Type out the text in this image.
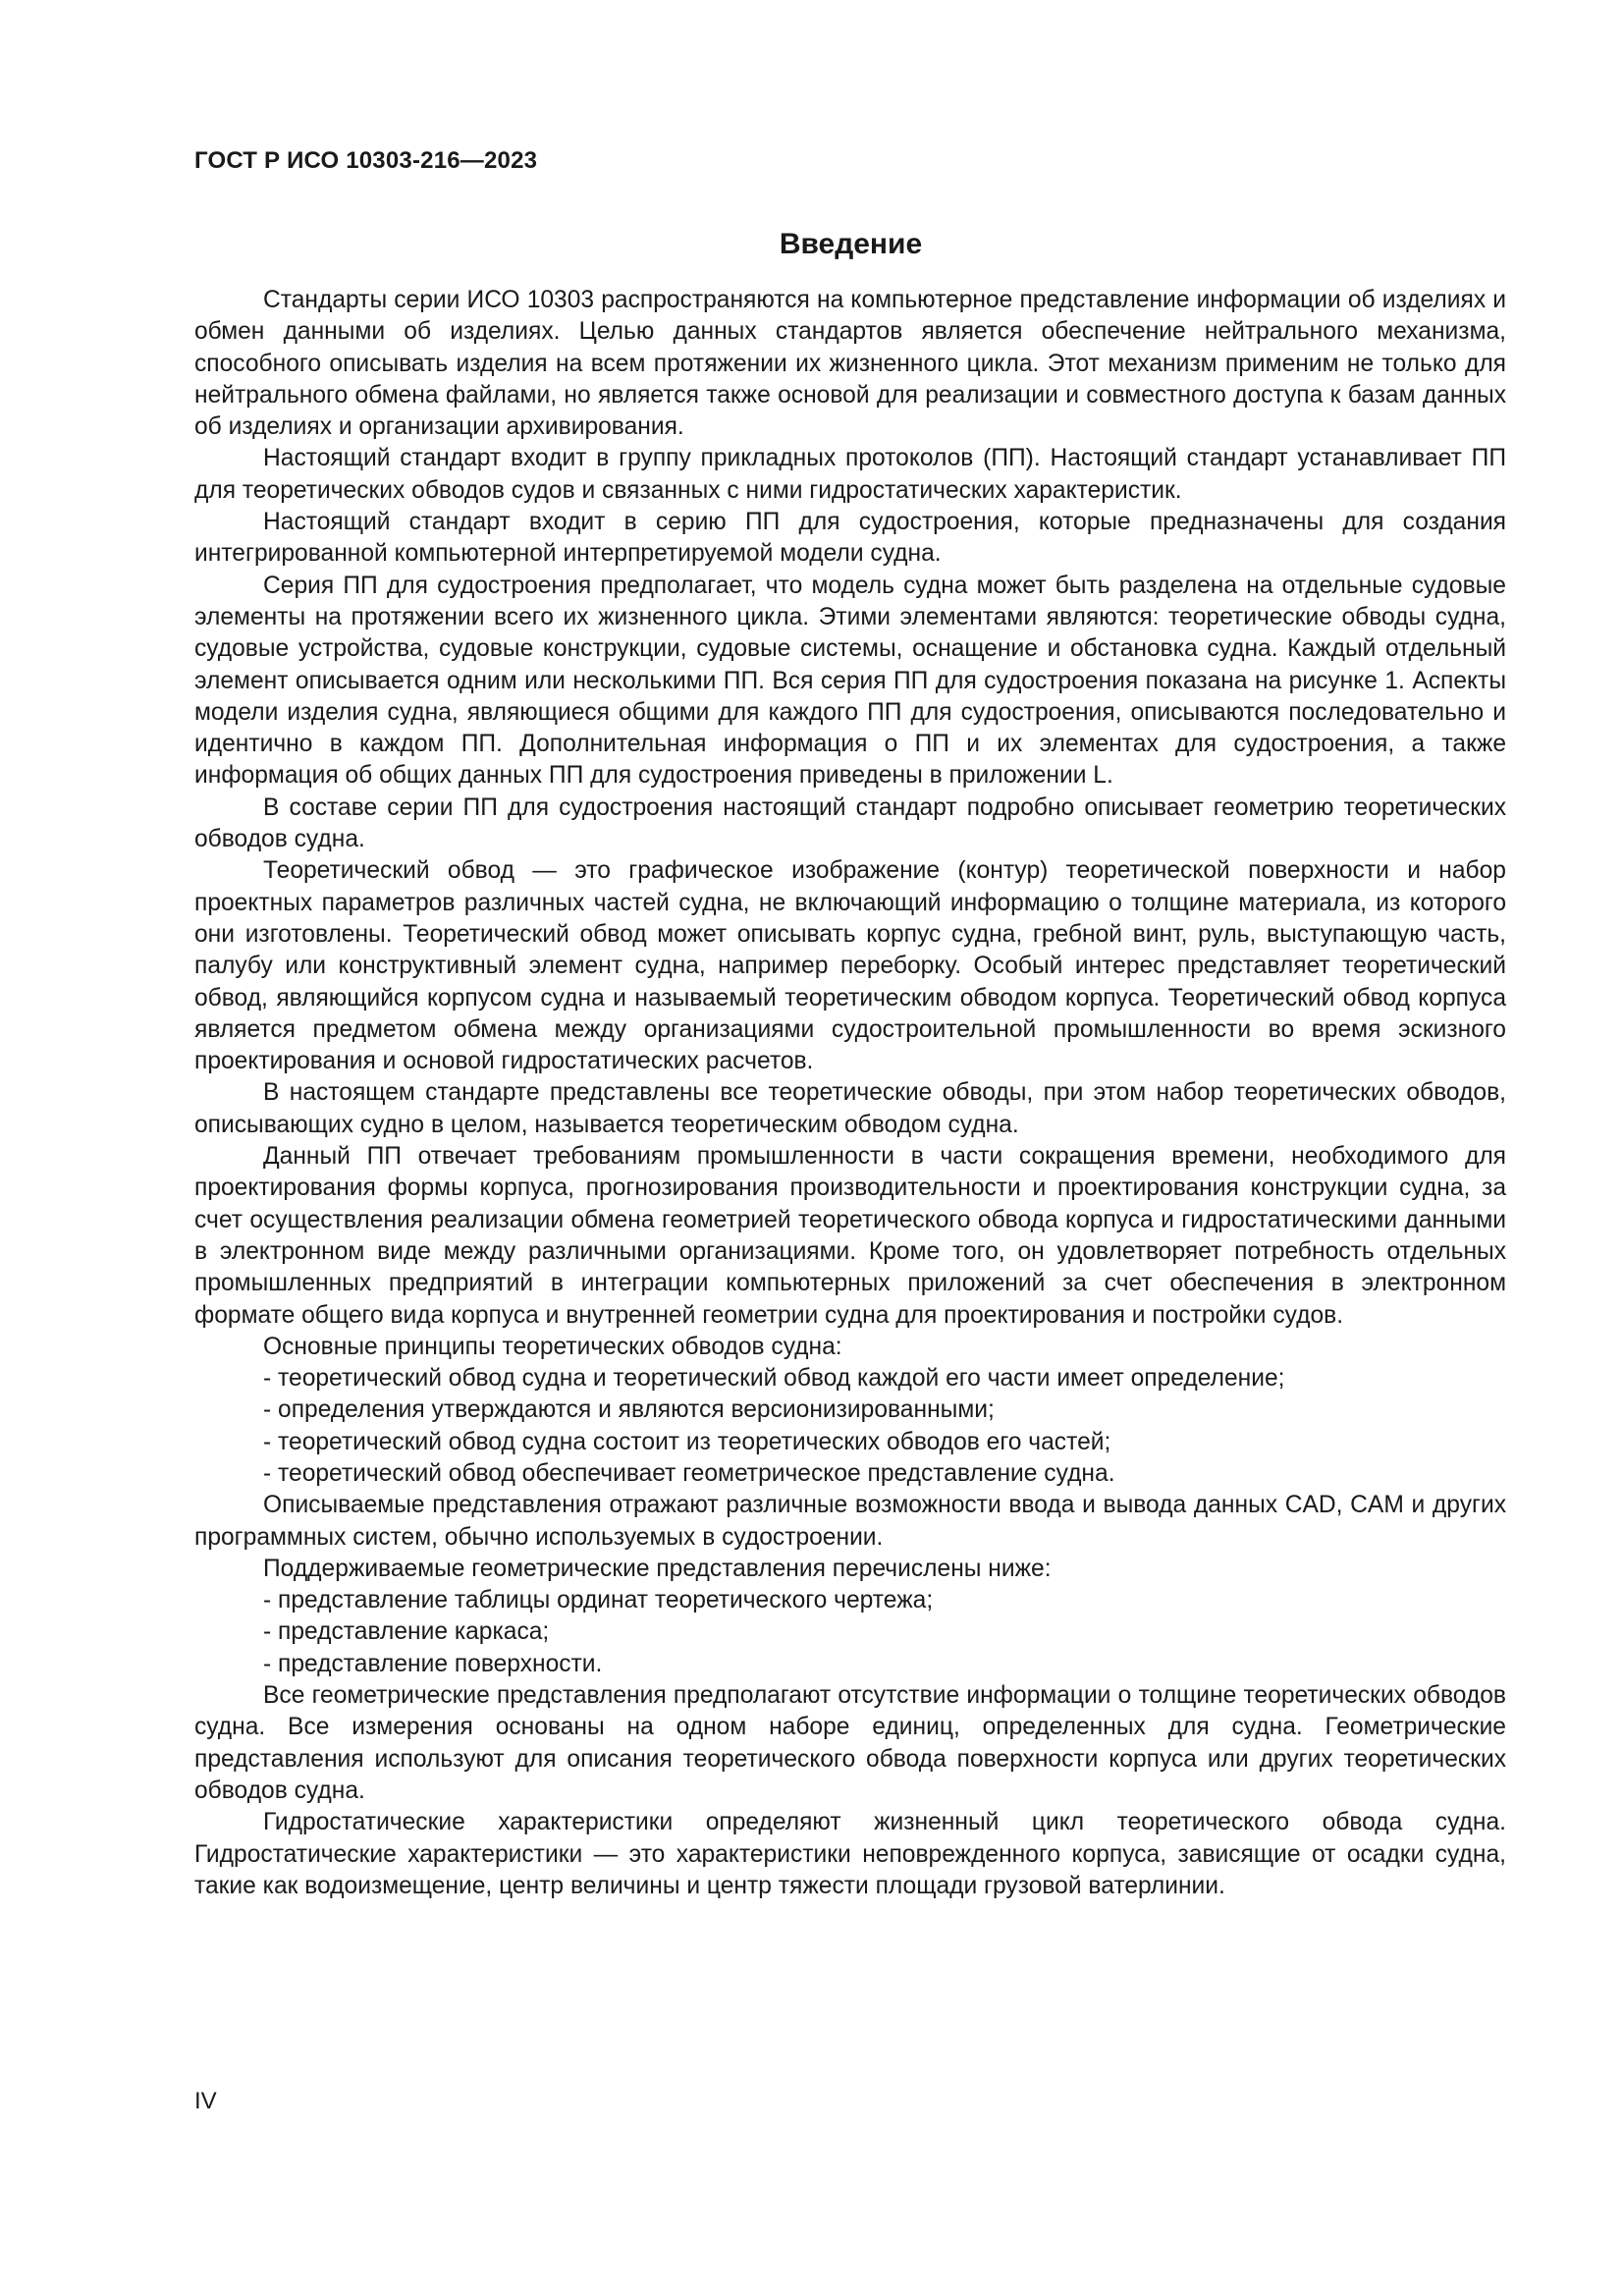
ГОСТ Р ИСО 10303-216—2023
Введение

Стандарты серии ИСО 10303 распространяются на компьютерное представление информации об изделиях и обмен данными об изделиях. Целью данных стандартов является обеспечение нейтрального механизма, способного описывать изделия на всем протяжении их жизненного цикла. Этот механизм применим не только для нейтрального обмена файлами, но является также основой для реализации и совместного доступа к базам данных об изделиях и организации архивирования.

Настоящий стандарт входит в группу прикладных протоколов (ПП). Настоящий стандарт устанавливает ПП для теоретических обводов судов и связанных с ними гидростатических характеристик.

Настоящий стандарт входит в серию ПП для судостроения, которые предназначены для создания интегрированной компьютерной интерпретируемой модели судна.

Серия ПП для судостроения предполагает, что модель судна может быть разделена на отдельные судовые элементы на протяжении всего их жизненного цикла. Этими элементами являются: теоретические обводы судна, судовые устройства, судовые конструкции, судовые системы, оснащение и обстановка судна. Каждый отдельный элемент описывается одним или несколькими ПП. Вся серия ПП для судостроения показана на рисунке 1. Аспекты модели изделия судна, являющиеся общими для каждого ПП для судостроения, описываются последовательно и идентично в каждом ПП. Дополнительная информация о ПП и их элементах для судостроения, а также информация об общих данных ПП для судостроения приведены в приложении L.

В составе серии ПП для судостроения настоящий стандарт подробно описывает геометрию теоретических обводов судна.

Теоретический обвод — это графическое изображение (контур) теоретической поверхности и набор проектных параметров различных частей судна, не включающий информацию о толщине материала, из которого они изготовлены. Теоретический обвод может описывать корпус судна, гребной винт, руль, выступающую часть, палубу или конструктивный элемент судна, например переборку. Особый интерес представляет теоретический обвод, являющийся корпусом судна и называемый теоретическим обводом корпуса. Теоретический обвод корпуса является предметом обмена между организациями судостроительной промышленности во время эскизного проектирования и основой гидростатических расчетов.

В настоящем стандарте представлены все теоретические обводы, при этом набор теоретических обводов, описывающих судно в целом, называется теоретическим обводом судна.

Данный ПП отвечает требованиям промышленности в части сокращения времени, необходимого для проектирования формы корпуса, прогнозирования производительности и проектирования конструкции судна, за счет осуществления реализации обмена геометрией теоретического обвода корпуса и гидростатическими данными в электронном виде между различными организациями. Кроме того, он удовлетворяет потребность отдельных промышленных предприятий в интеграции компьютерных приложений за счет обеспечения в электронном формате общего вида корпуса и внутренней геометрии судна для проектирования и постройки судов.

Основные принципы теоретических обводов судна:

- теоретический обвод судна и теоретический обвод каждой его части имеет определение;

- определения утверждаются и являются версионизированными;

- теоретический обвод судна состоит из теоретических обводов его частей;

- теоретический обвод обеспечивает геометрическое представление судна.

Описываемые представления отражают различные возможности ввода и вывода данных CAD, CAM и других программных систем, обычно используемых в судостроении.

Поддерживаемые геометрические представления перечислены ниже:

- представление таблицы ординат теоретического чертежа;

- представление каркаса;

- представление поверхности.

Все геометрические представления предполагают отсутствие информации о толщине теоретических обводов судна. Все измерения основаны на одном наборе единиц, определенных для судна. Геометрические представления используют для описания теоретического обвода поверхности корпуса или других теоретических обводов судна.

Гидростатические характеристики определяют жизненный цикл теоретического обвода судна. Гидростатические характеристики — это характеристики неповрежденного корпуса, зависящие от осадки судна, такие как водоизмещение, центр величины и центр тяжести площади грузовой ватерлинии.

IV
